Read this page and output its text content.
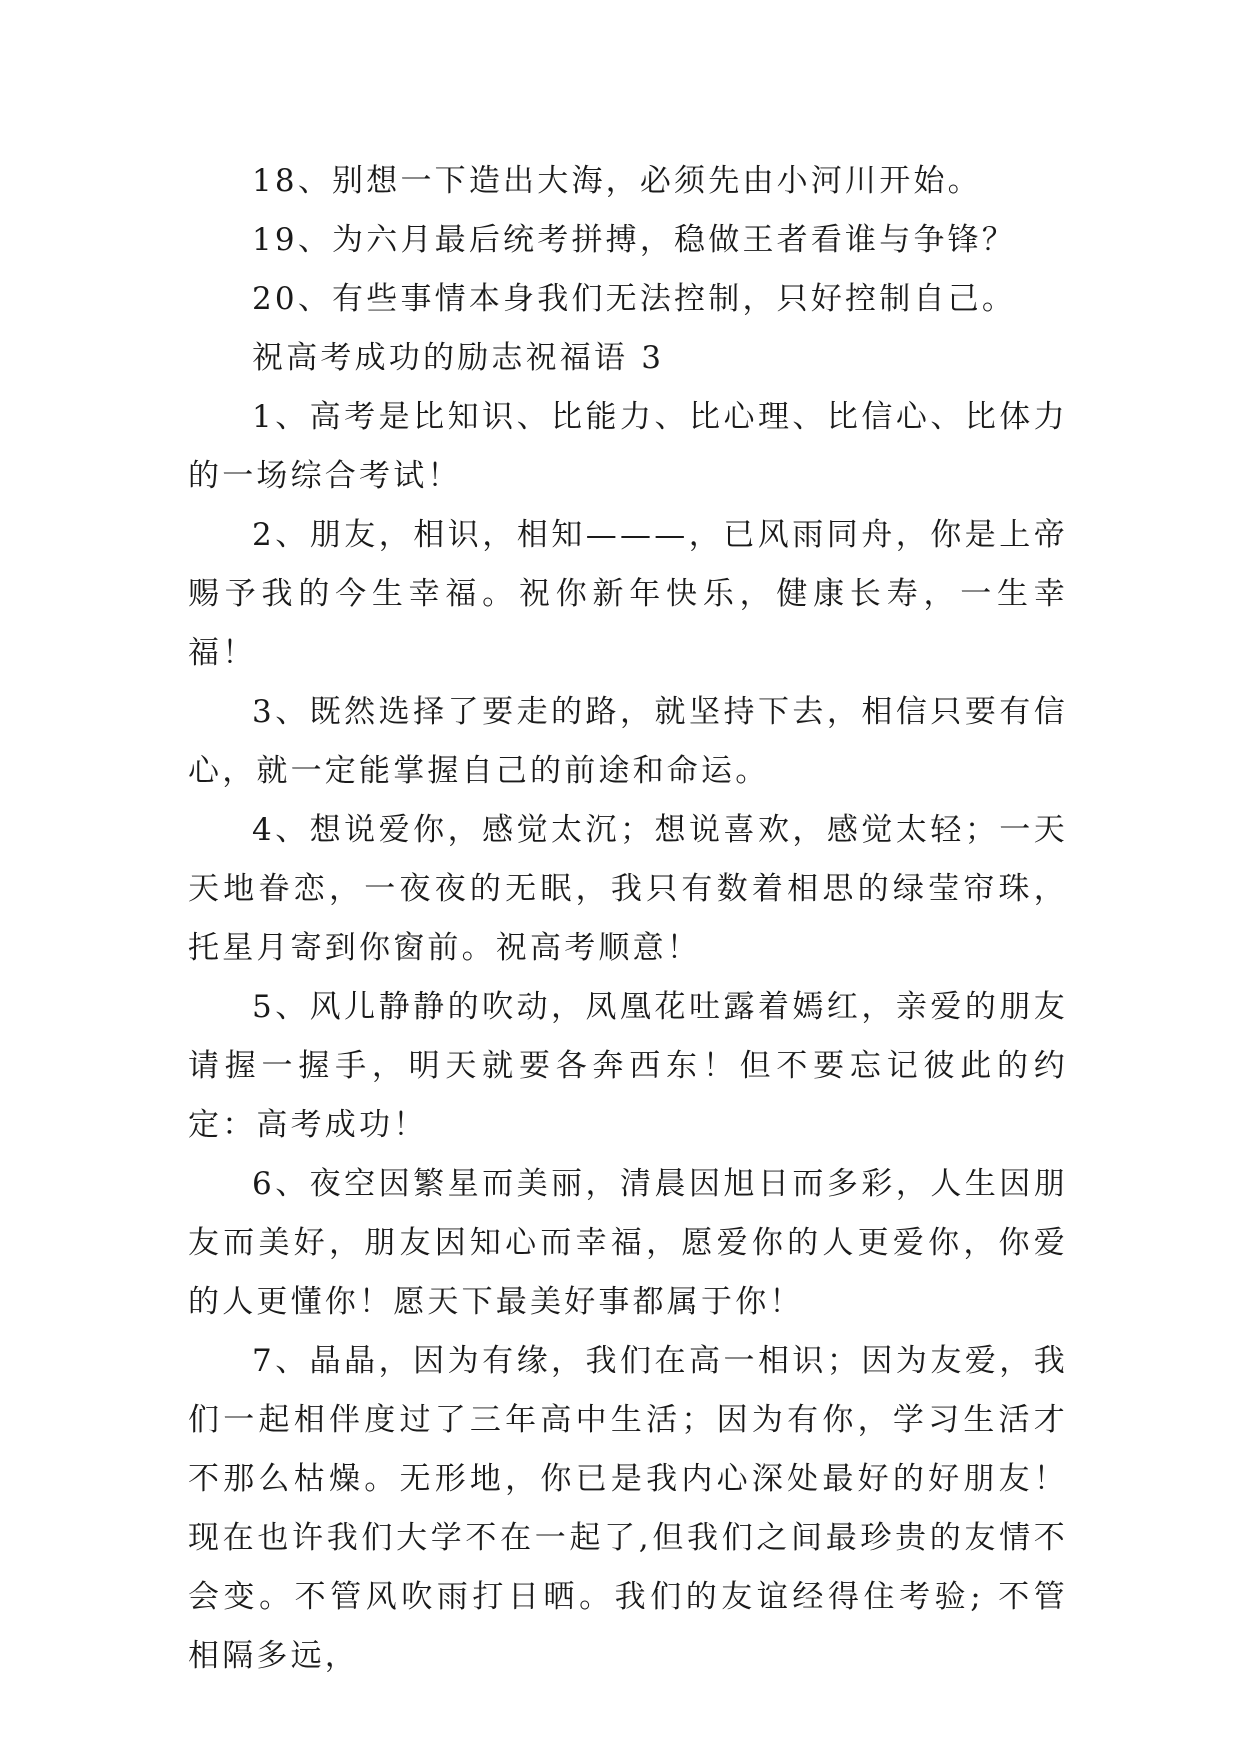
18、别想一下造出大海，必须先由小河川开始。

19、为六月最后统考拼搏，稳做王者看谁与争锋？

20、有些事情本身我们无法控制，只好控制自己。

祝高考成功的励志祝福语 3

1、高考是比知识、比能力、比心理、比信心、比体力的一场综合考试！

2、朋友，相识，相知———，已风雨同舟，你是上帝赐予我的今生幸福。祝你新年快乐，健康长寿，一生幸福！

3、既然选择了要走的路，就坚持下去，相信只要有信心，就一定能掌握自己的前途和命运。

4、想说爱你，感觉太沉；想说喜欢，感觉太轻；一天天地眷恋，一夜夜的无眠，我只有数着相思的绿莹帘珠，托星月寄到你窗前。祝高考顺意！

5、风儿静静的吹动，凤凰花吐露着嫣红，亲爱的朋友请握一握手，明天就要各奔西东！但不要忘记彼此的约定：高考成功！

6、夜空因繁星而美丽，清晨因旭日而多彩，人生因朋友而美好，朋友因知心而幸福，愿爱你的人更爱你，你爱的人更懂你！愿天下最美好事都属于你！

7、晶晶，因为有缘，我们在高一相识；因为友爱，我们一起相伴度过了三年高中生活；因为有你，学习生活才不那么枯燥。无形地，你已是我内心深处最好的好朋友！现在也许我们大学不在一起了,但我们之间最珍贵的友情不会变。不管风吹雨打日晒。我们的友谊经得住考验; 不管相隔多远，
